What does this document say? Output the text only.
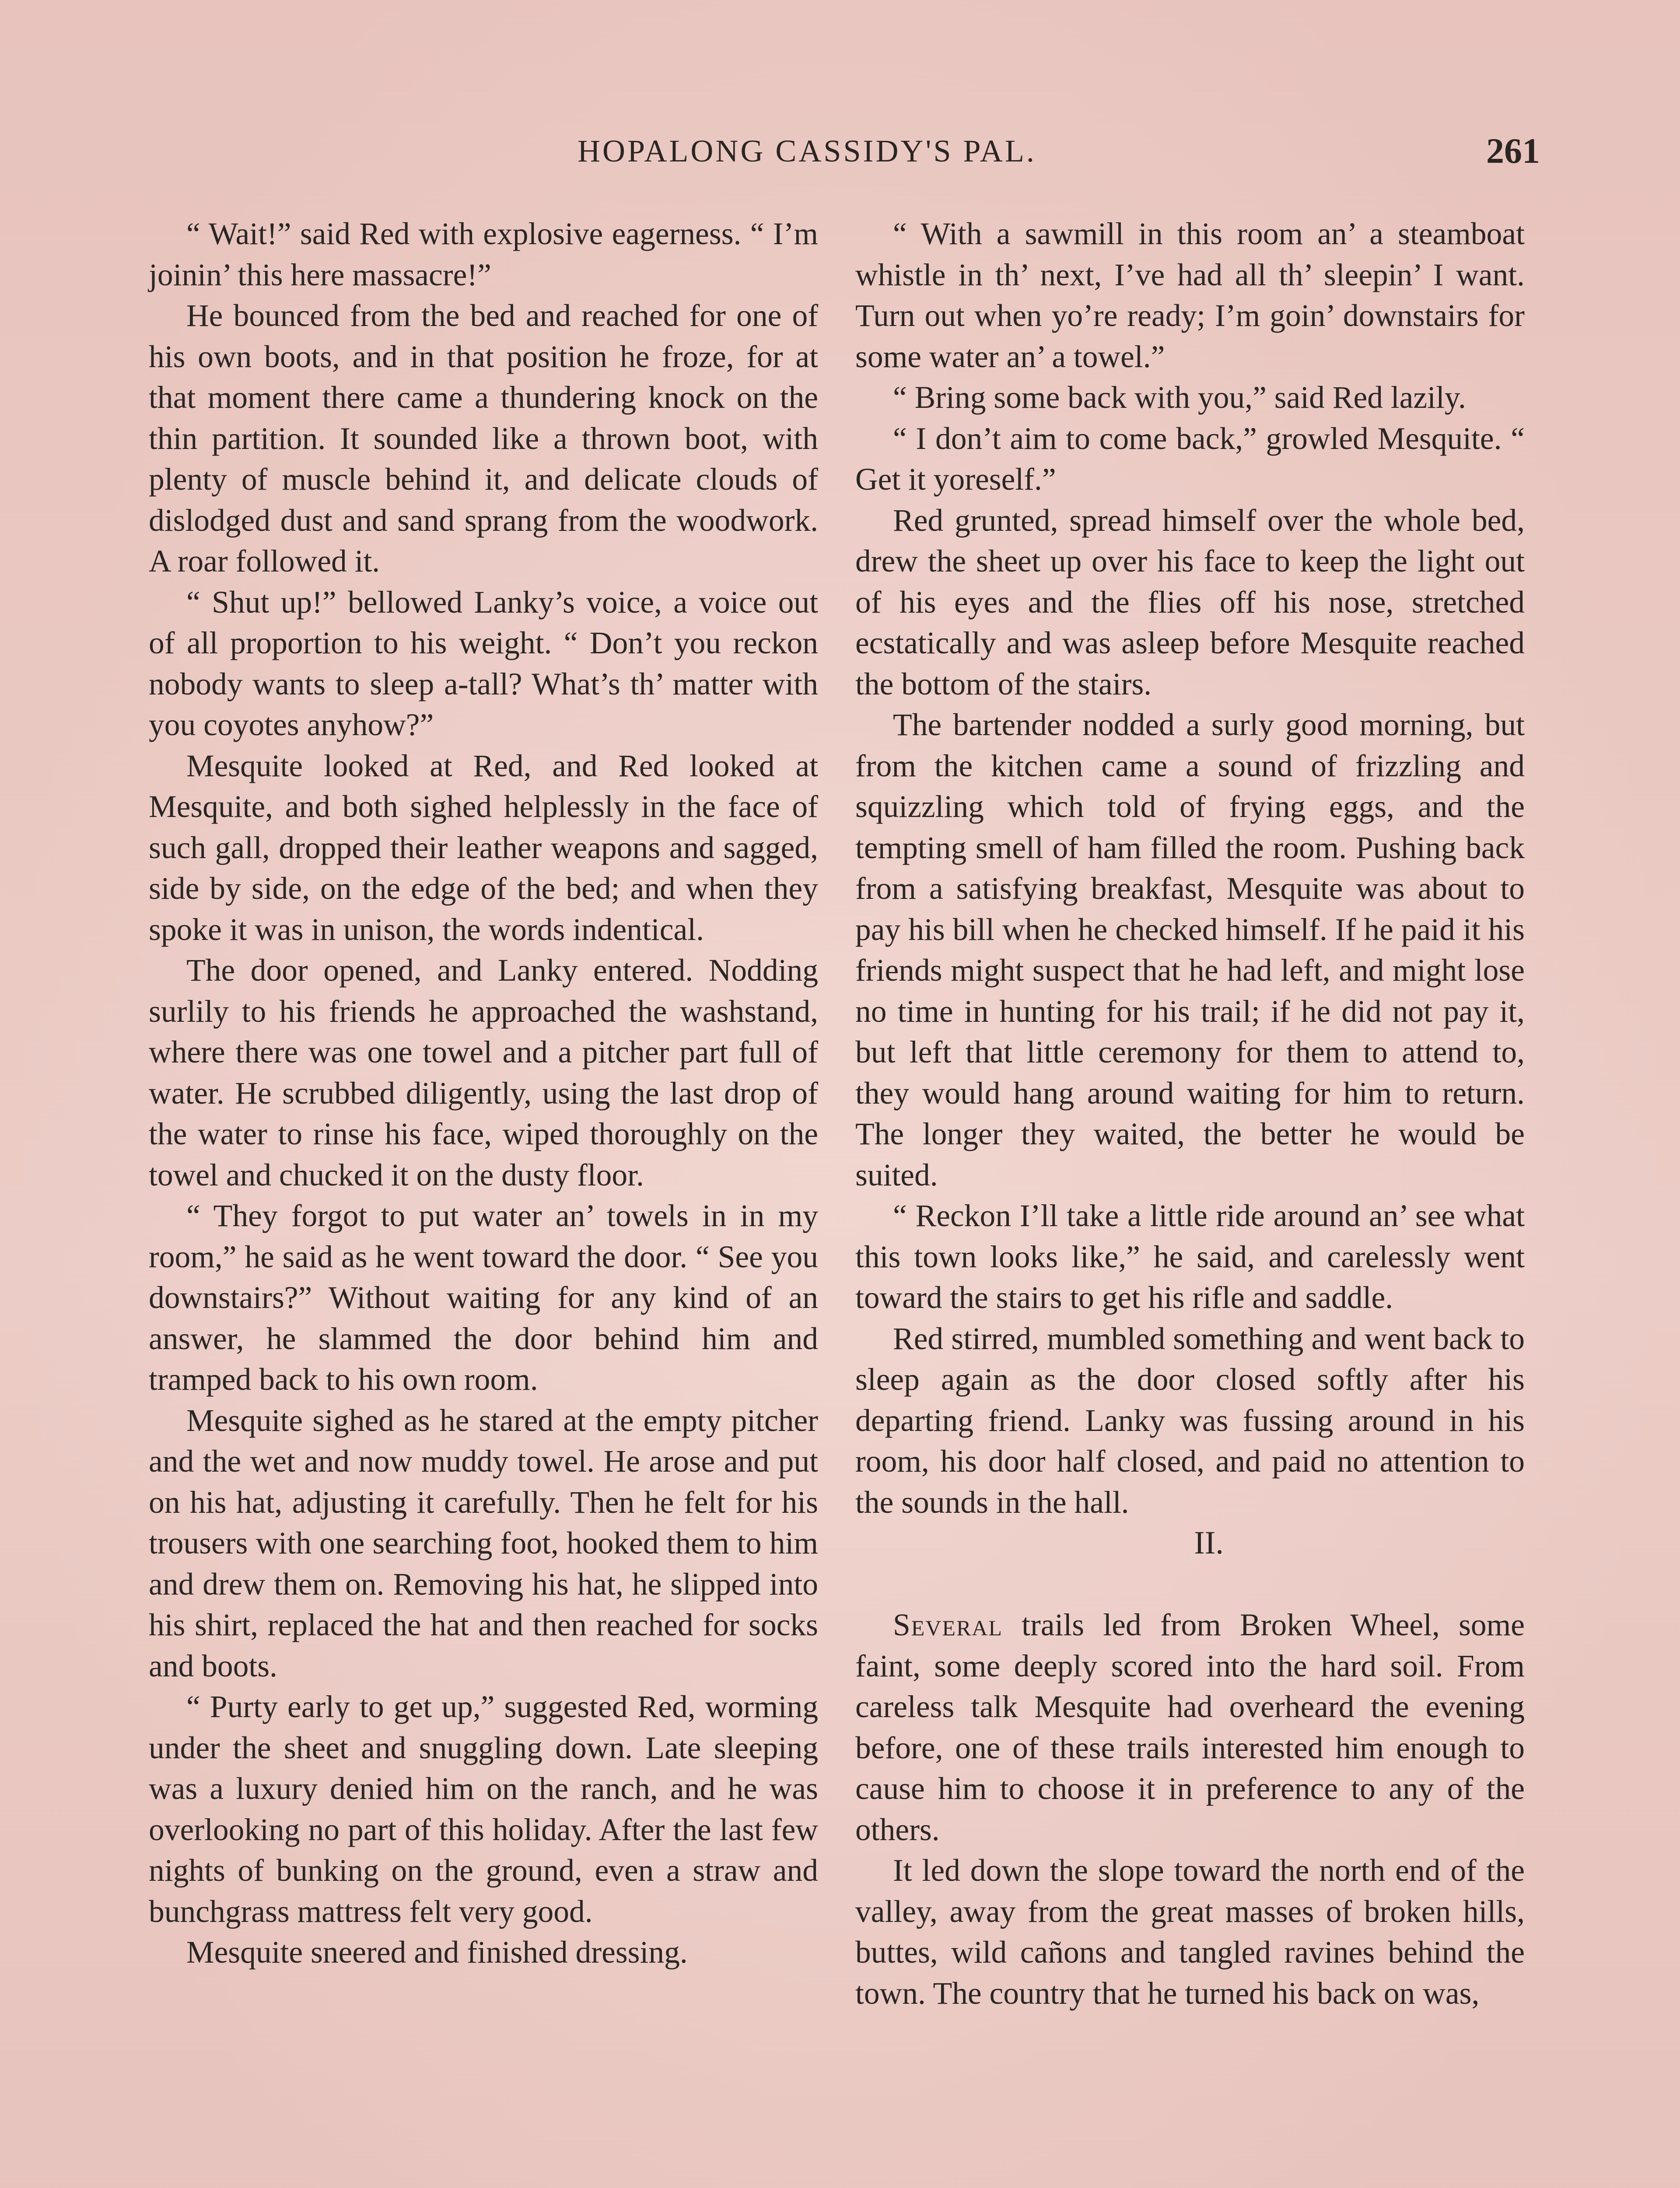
HOPALONG CASSIDY'S PAL.	261

“ Wait!” said Red with explosive eagerness. “ I’m joinin’ this here massacre!”

He bounced from the bed and reached for one of his own boots, and in that position he froze, for at that moment there came a thundering knock on the thin partition. It sounded like a thrown boot, with plenty of muscle behind it, and delicate clouds of dislodged dust and sand sprang from the woodwork. A roar followed it.

“ Shut up!” bellowed Lanky’s voice, a voice out of all proportion to his weight. “ Don’t you reckon nobody wants to sleep a-tall? What’s th’ matter with you coyotes anyhow?”

Mesquite looked at Red, and Red looked at Mesquite, and both sighed helplessly in the face of such gall, dropped their leather weapons and sagged, side by side, on the edge of the bed; and when they spoke it was in unison, the words indentical.

The door opened, and Lanky entered. Nodding surlily to his friends he approached the washstand, where there was one towel and a pitcher part full of water. He scrubbed diligently, using the last drop of the water to rinse his face, wiped thoroughly on the towel and chucked it on the dusty floor.

“ They forgot to put water an’ towels in in my room,” he said as he went toward the door. “ See you downstairs?” Without waiting for any kind of an answer, he slammed the door behind him and tramped back to his own room.

Mesquite sighed as he stared at the empty pitcher and the wet and now muddy towel. He arose and put on his hat, adjusting it carefully. Then he felt for his trousers with one searching foot, hooked them to him and drew them on. Removing his hat, he slipped into his shirt, replaced the hat and then reached for socks and boots.

“ Purty early to get up,” suggested Red, worming under the sheet and snuggling down. Late sleeping was a luxury denied him on the ranch, and he was overlooking no part of this holiday. After the last few nights of bunking on the ground, even a straw and bunchgrass mattress felt very good.

Mesquite sneered and finished dressing.

“ With a sawmill in this room an’ a steamboat whistle in th’ next, I’ve had all th’ sleepin’ I want. Turn out when yo’re ready; I’m goin’ downstairs for some water an’ a towel.”

“ Bring some back with you,” said Red lazily.

“ I don’t aim to come back,” growled Mesquite. “ Get it yoreself.”

Red grunted, spread himself over the whole bed, drew the sheet up over his face to keep the light out of his eyes and the flies off his nose, stretched ecstatically and was asleep before Mesquite reached the bottom of the stairs.

The bartender nodded a surly good morning, but from the kitchen came a sound of frizzling and squizzling which told of frying eggs, and the tempting smell of ham filled the room. Pushing back from a satisfying breakfast, Mesquite was about to pay his bill when he checked himself. If he paid it his friends might suspect that he had left, and might lose no time in hunting for his trail; if he did not pay it, but left that little ceremony for them to attend to, they would hang around waiting for him to return. The longer they waited, the better he would be suited.

“ Reckon I’ll take a little ride around an’ see what this town looks like,” he said, and carelessly went toward the stairs to get his rifle and saddle.

Red stirred, mumbled something and went back to sleep again as the door closed softly after his departing friend. Lanky was fussing around in his room, his door half closed, and paid no attention to the sounds in the hall.

II.

Several trails led from Broken Wheel, some faint, some deeply scored into the hard soil. From careless talk Mesquite had overheard the evening before, one of these trails interested him enough to cause him to choose it in preference to any of the others.

It led down the slope toward the north end of the valley, away from the great masses of broken hills, buttes, wild cañons and tangled ravines behind the town. The country that he turned his back on was,
